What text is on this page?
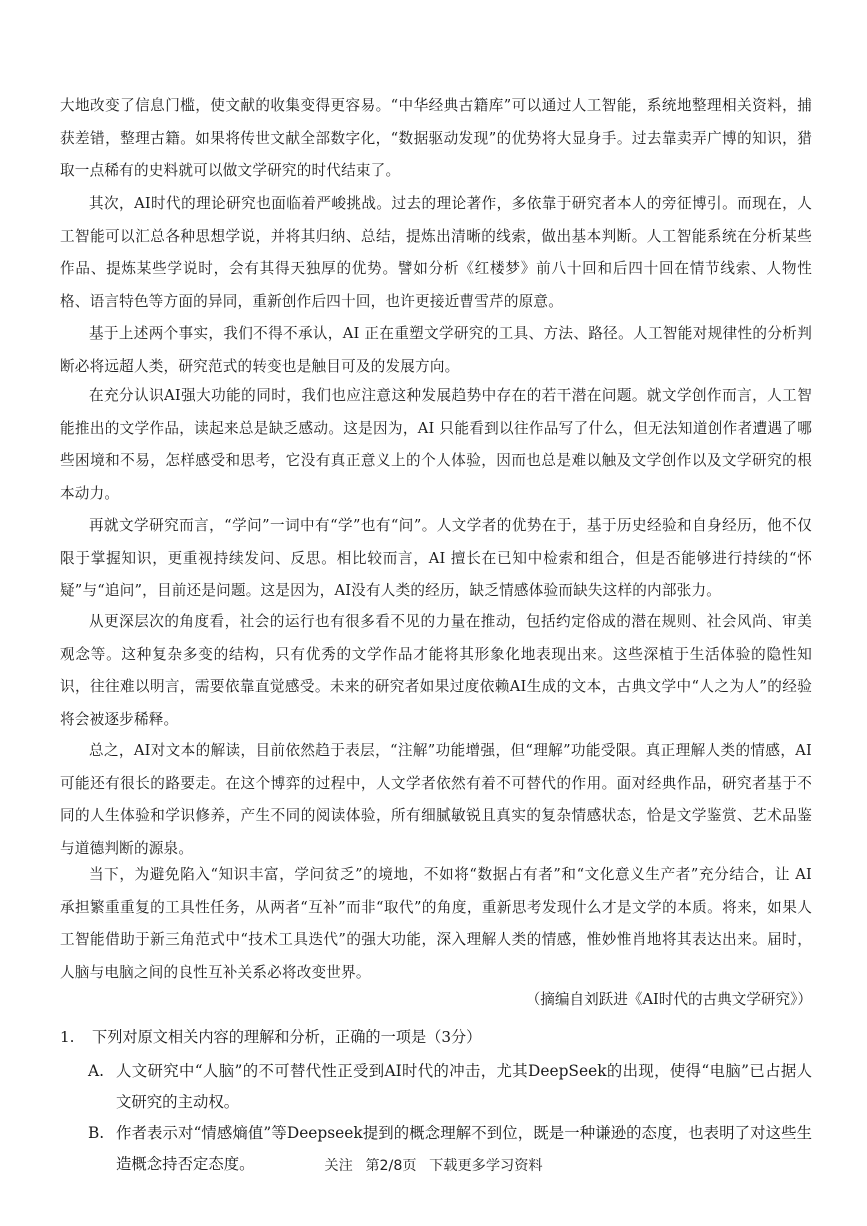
大地改变了信息门槛，使文献的收集变得更容易。“中华经典古籍库”可以通过人工智能，系统地整理相关资料，捕获差错，整理古籍。如果将传世文献全部数字化，“数据驱动发现”的优势将大显身手。过去靠卖弄广博的知识，猎取一点稀有的史料就可以做文学研究的时代结束了。
其次，AI时代的理论研究也面临着严峻挑战。过去的理论著作，多依靠于研究者本人的旁征博引。而现在，人工智能可以汇总各种思想学说，并将其归纳、总结，提炼出清晰的线索，做出基本判断。人工智能系统在分析某些作品、提炼某些学说时，会有其得天独厚的优势。譬如分析《红楼梦》前八十回和后四十回在情节线索、人物性格、语言特色等方面的异同，重新创作后四十回，也许更接近曹雪芹的原意。
基于上述两个事实，我们不得不承认，AI 正在重塑文学研究的工具、方法、路径。人工智能对规律性的分析判断必将远超人类，研究范式的转变也是触目可及的发展方向。
在充分认识AI强大功能的同时，我们也应注意这种发展趋势中存在的若干潜在问题。就文学创作而言，人工智能推出的文学作品，读起来总是缺乏感动。这是因为，AI 只能看到以往作品写了什么，但无法知道创作者遭遇了哪些困境和不易，怎样感受和思考，它没有真正意义上的个人体验，因而也总是难以触及文学创作以及文学研究的根本动力。
再就文学研究而言，“学问”一词中有“学”也有“问”。人文学者的优势在于，基于历史经验和自身经历，他不仅限于掌握知识，更重视持续发问、反思。相比较而言，AI 擅长在已知中检索和组合，但是否能够进行持续的“怀疑”与“追问”，目前还是问题。这是因为，AI没有人类的经历，缺乏情感体验而缺失这样的内部张力。
从更深层次的角度看，社会的运行也有很多看不见的力量在推动，包括约定俗成的潜在规则、社会风尚、审美观念等。这种复杂多变的结构，只有优秀的文学作品才能将其形象化地表现出来。这些深植于生活体验的隐性知识，往往难以明言，需要依靠直觉感受。未来的研究者如果过度依赖AI生成的文本，古典文学中“人之为人”的经验将会被逐步稀释。
总之，AI对文本的解读，目前依然趋于表层，“注解”功能增强，但“理解”功能受限。真正理解人类的情感，AI 可能还有很长的路要走。在这个博弈的过程中，人文学者依然有着不可替代的作用。面对经典作品，研究者基于不同的人生体验和学识修养，产生不同的阅读体验，所有细腻敏锐且真实的复杂情感状态，恰是文学鉴赏、艺术品鉴与道德判断的源泉。
当下，为避免陷入“知识丰富，学问贫乏”的境地，不如将“数据占有者”和“文化意义生产者”充分结合，让 AI 承担繁重重复的工具性任务，从两者“互补”而非“取代”的角度，重新思考发现什么才是文学的本质。将来，如果人工智能借助于新三角范式中“技术工具迭代”的强大功能，深入理解人类的情感，惟妙惟肖地将其表达出来。届时，人脑与电脑之间的良性互补关系必将改变世界。
（摘编自刘跃进《AI时代的古典文学研究》）
1. 下列对原文相关内容的理解和分析，正确的一项是（3分）
A. 人文研究中“人脑”的不可替代性正受到AI时代的冲击，尤其DeepSeek的出现，使得“电脑”已占据人文研究的主动权。
B. 作者表示对“情感熵值”等Deepseek提到的概念理解不到位，既是一种谦逊的态度，也表明了对这些生造概念持否定态度。	关注 第2/8页 下载更多学习资料
